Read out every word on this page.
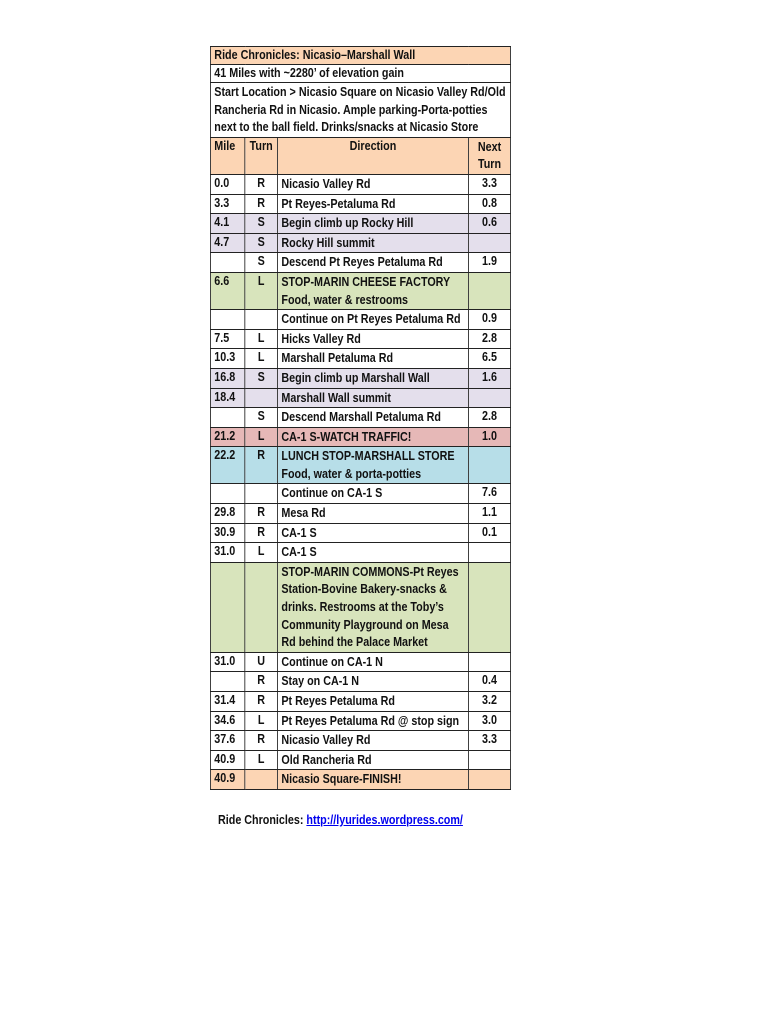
Ride Chronicles: Nicasio–Marshall Wall			
41 Miles with ~2280’ of elevation gain			
Start Location > Nicasio Square on Nicasio Valley Rd/Old Rancheria Rd in Nicasio. Ample parking-Porta-potties next to the ball field. Drinks/snacks at Nicasio Store			
Mile	Turn	Direction	Next Turn
0.0	R	Nicasio Valley Rd	3.3
3.3	R	Pt Reyes-Petaluma Rd	0.8
4.1	S	Begin climb up Rocky Hill	0.6
4.7	S	Rocky Hill summit	
	S	Descend Pt Reyes Petaluma Rd	1.9
6.6	L	STOP-MARIN CHEESE FACTORY Food, water & restrooms	
		Continue on Pt Reyes Petaluma Rd	0.9
7.5	L	Hicks Valley Rd	2.8
10.3	L	Marshall Petaluma Rd	6.5
16.8	S	Begin climb up Marshall Wall	1.6
18.4		Marshall Wall summit	
	S	Descend Marshall Petaluma Rd	2.8
21.2	L	CA-1 S-WATCH TRAFFIC!	1.0
22.2	R	LUNCH STOP-MARSHALL STORE Food, water & porta-potties	
		Continue on CA-1 S	7.6
29.8	R	Mesa Rd	1.1
30.9	R	CA-1 S	0.1
31.0	L	CA-1 S	
		STOP-MARIN COMMONS-Pt Reyes Station-Bovine Bakery-snacks & drinks. Restrooms at the Toby’s Community Playground on Mesa Rd behind the Palace Market	
31.0	U	Continue on CA-1 N	
	R	Stay on CA-1 N	0.4
31.4	R	Pt Reyes Petaluma Rd	3.2
34.6	L	Pt Reyes Petaluma Rd @ stop sign	3.0
37.6	R	Nicasio Valley Rd	3.3
40.9	L	Old Rancheria Rd	
40.9		Nicasio Square-FINISH!	
Ride Chronicles: http://lyurides.wordpress.com/
